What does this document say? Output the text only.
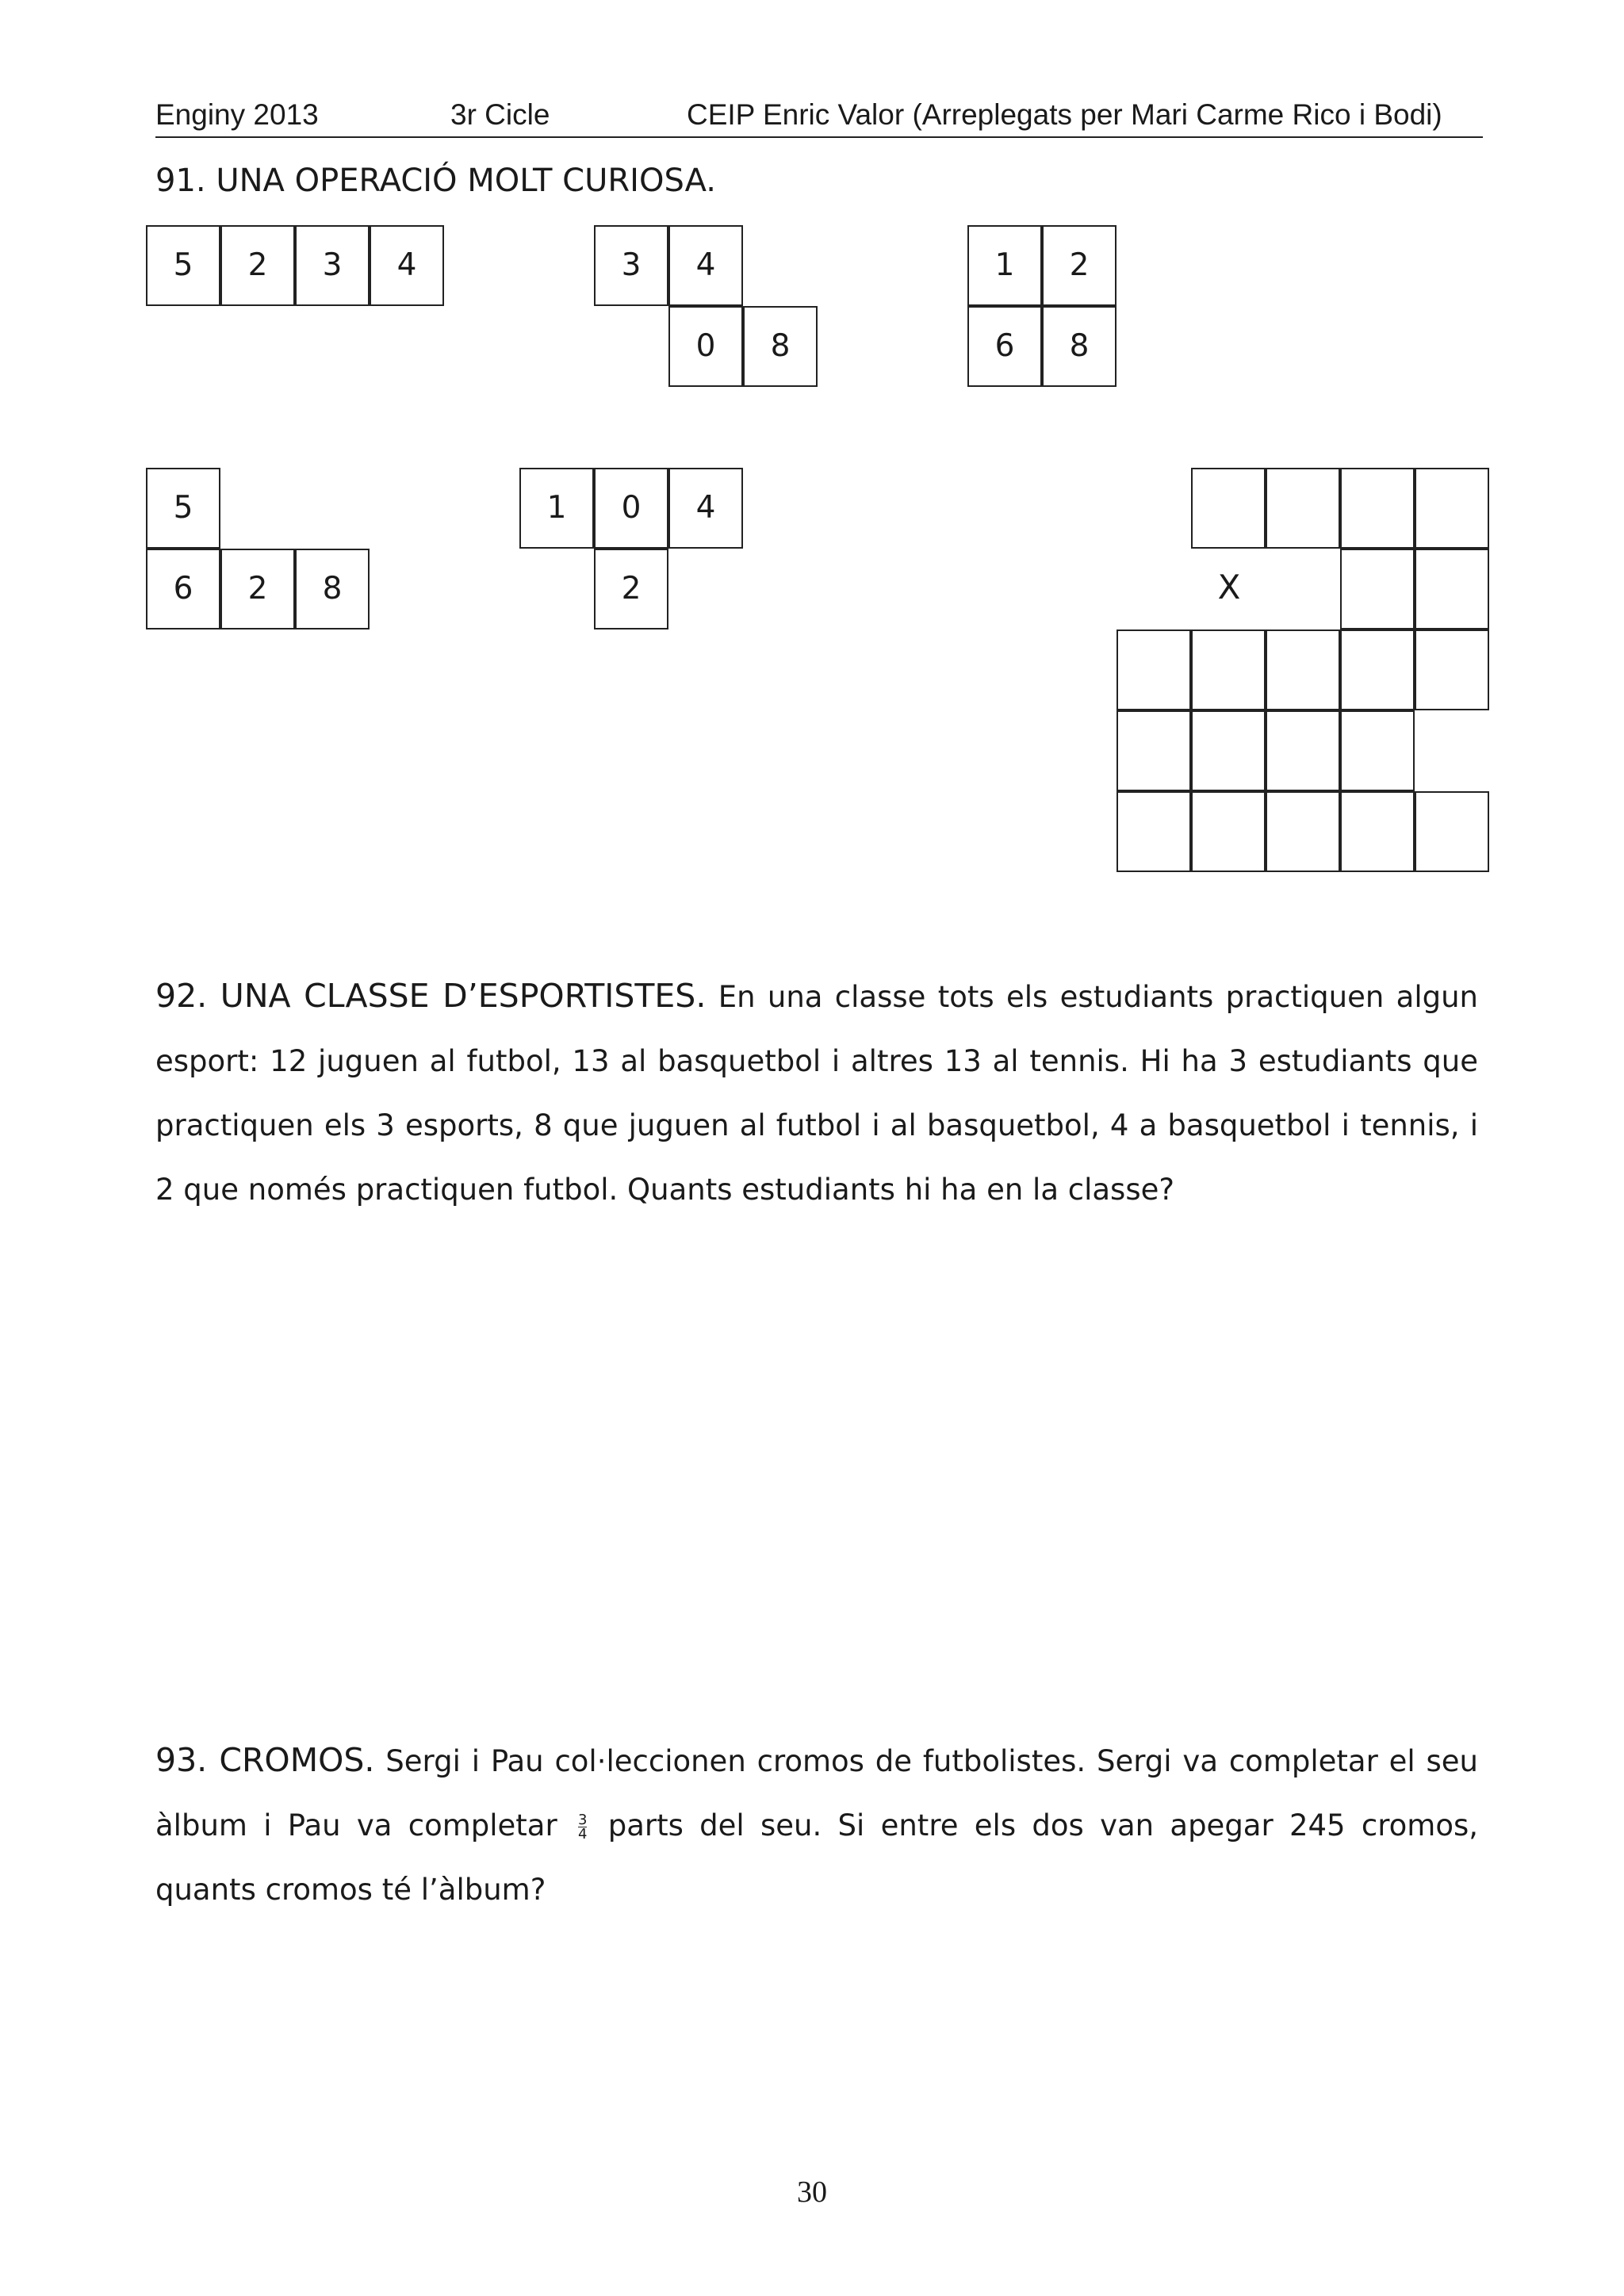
Enginy 2013	3r Cicle	CEIP Enric Valor (Arreplegats per Mari Carme Rico i Bodi)
91. UNA OPERACIÓ MOLT CURIOSA.
5	2	3	4	3	4
0	8
1	2
6	8
5
6	2	8
1	0	4
2	X
92. UNA CLASSE D’ESPORTISTES. En una classe tots els estudiants practiquen algun esport: 12 juguen al futbol, 13 al basquetbol i altres 13 al tennis. Hi ha 3 estudiants que practiquen els 3 esports, 8 que juguen al futbol i al basquetbol, 4 a basquetbol i tennis, i 2 que només practiquen futbol. Quants estudiants hi ha en la classe?
93. CROMOS. Sergi i Pau col·leccionen cromos de futbolistes. Sergi va completar el seu àlbum i Pau va completar $\frac{3}{4}$ parts del seu. Si entre els dos van apegar 245 cromos, quants cromos té l’àlbum?
30
